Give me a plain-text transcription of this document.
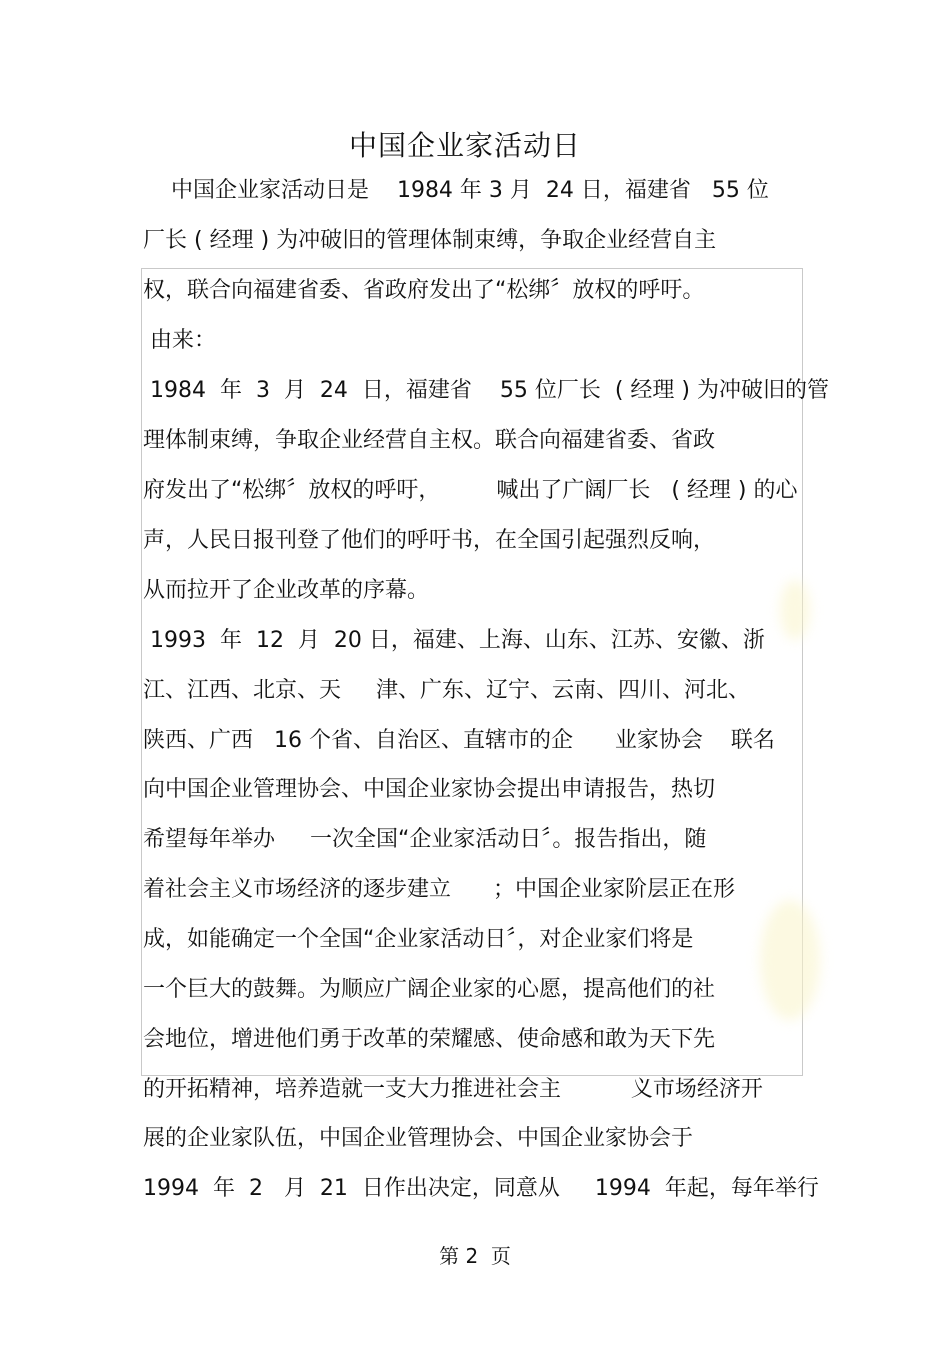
中国企业家活动日
中国企业家活动日是    1984 年 3 月  24 日，福建省   55 位
厂长 ( 经理 ) 为冲破旧的管理体制束缚，争取企业经营自主
权，联合向福建省委、省政府发出了“松绑〞放权的呼吁。
由来：
1984  年  3  月  24  日，福建省    55 位厂长  ( 经理 ) 为冲破旧的管
理体制束缚，争取企业经营自主权。联合向福建省委、省政
府发出了“松绑〞放权的呼吁，        喊出了广阔厂长   ( 经理 ) 的心
声，人民日报刊登了他们的呼吁书，在全国引起强烈反响，
从而拉开了企业改革的序幕。
1993  年  12  月  20 日，福建、上海、山东、江苏、安徽、浙
江、江西、北京、天     津、广东、辽宁、云南、四川、河北、
陕西、广西   16 个省、自治区、直辖市的企      业家协会    联名
向中国企业管理协会、中国企业家协会提出申请报告，热切
希望每年举办     一次全国“企业家活动日〞。报告指出，随
着社会主义市场经济的逐步建立      ；中国企业家阶层正在形
成，如能确定一个全国“企业家活动日〞，对企业家们将是
一个巨大的鼓舞。为顺应广阔企业家的心愿，提高他们的社
会地位，增进他们勇于改革的荣耀感、使命感和敢为天下先
的开拓精神，培养造就一支大力推进社会主          义市场经济开
展的企业家队伍，中国企业管理协会、中国企业家协会于
1994  年  2   月  21  日作出决定，同意从     1994  年起，每年举行
第 2  页
